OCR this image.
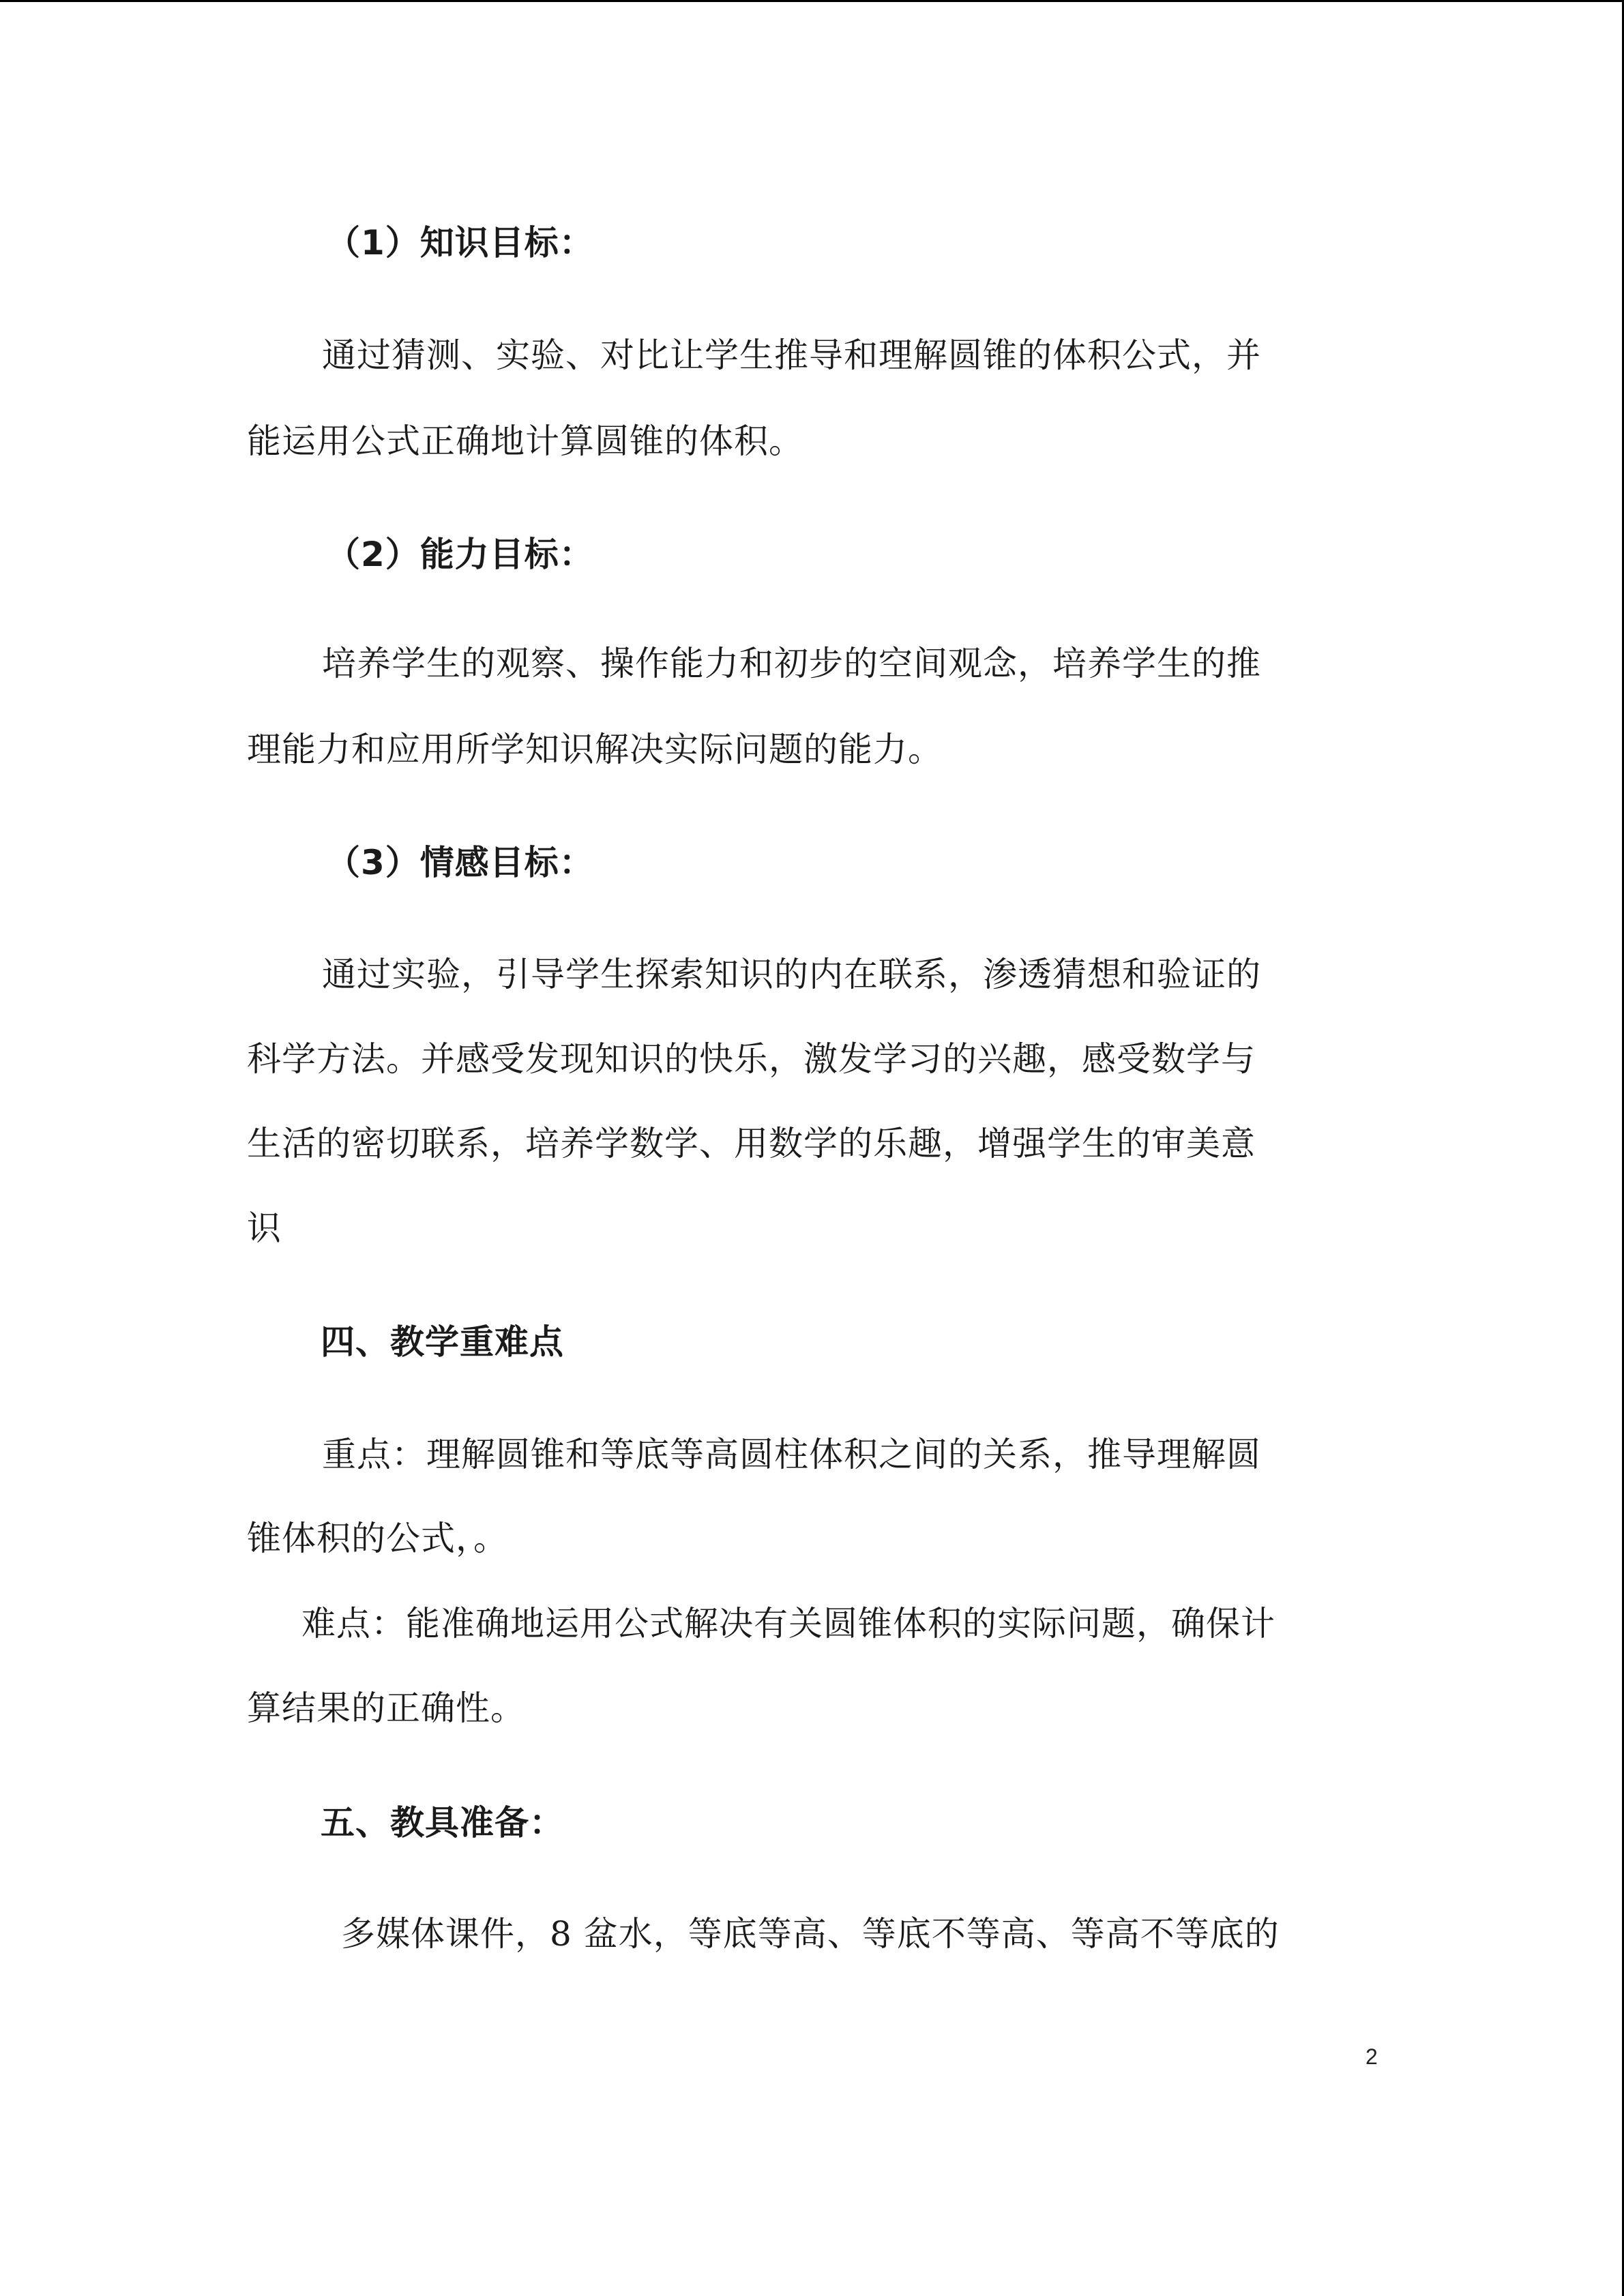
（1）知识目标：
通过猜测、实验、对比让学生推导和理解圆锥的体积公式，并
能运用公式正确地计算圆锥的体积。
（2）能力目标：
培养学生的观察、操作能力和初步的空间观念，培养学生的推
理能力和应用所学知识解决实际问题的能力。
（3）情感目标：
通过实验，引导学生探索知识的内在联系，渗透猜想和验证的
科学方法。并感受发现知识的快乐，激发学习的兴趣，感受数学与
生活的密切联系，培养学数学、用数学的乐趣，增强学生的审美意
识
四、教学重难点
重点：理解圆锥和等底等高圆柱体积之间的关系，推导理解圆
锥体积的公式，。
难点：能准确地运用公式解决有关圆锥体积的实际问题，确保计
算结果的正确性。
五、教具准备：
多媒体课件，8 盆水，等底等高、等底不等高、等高不等底的
2
